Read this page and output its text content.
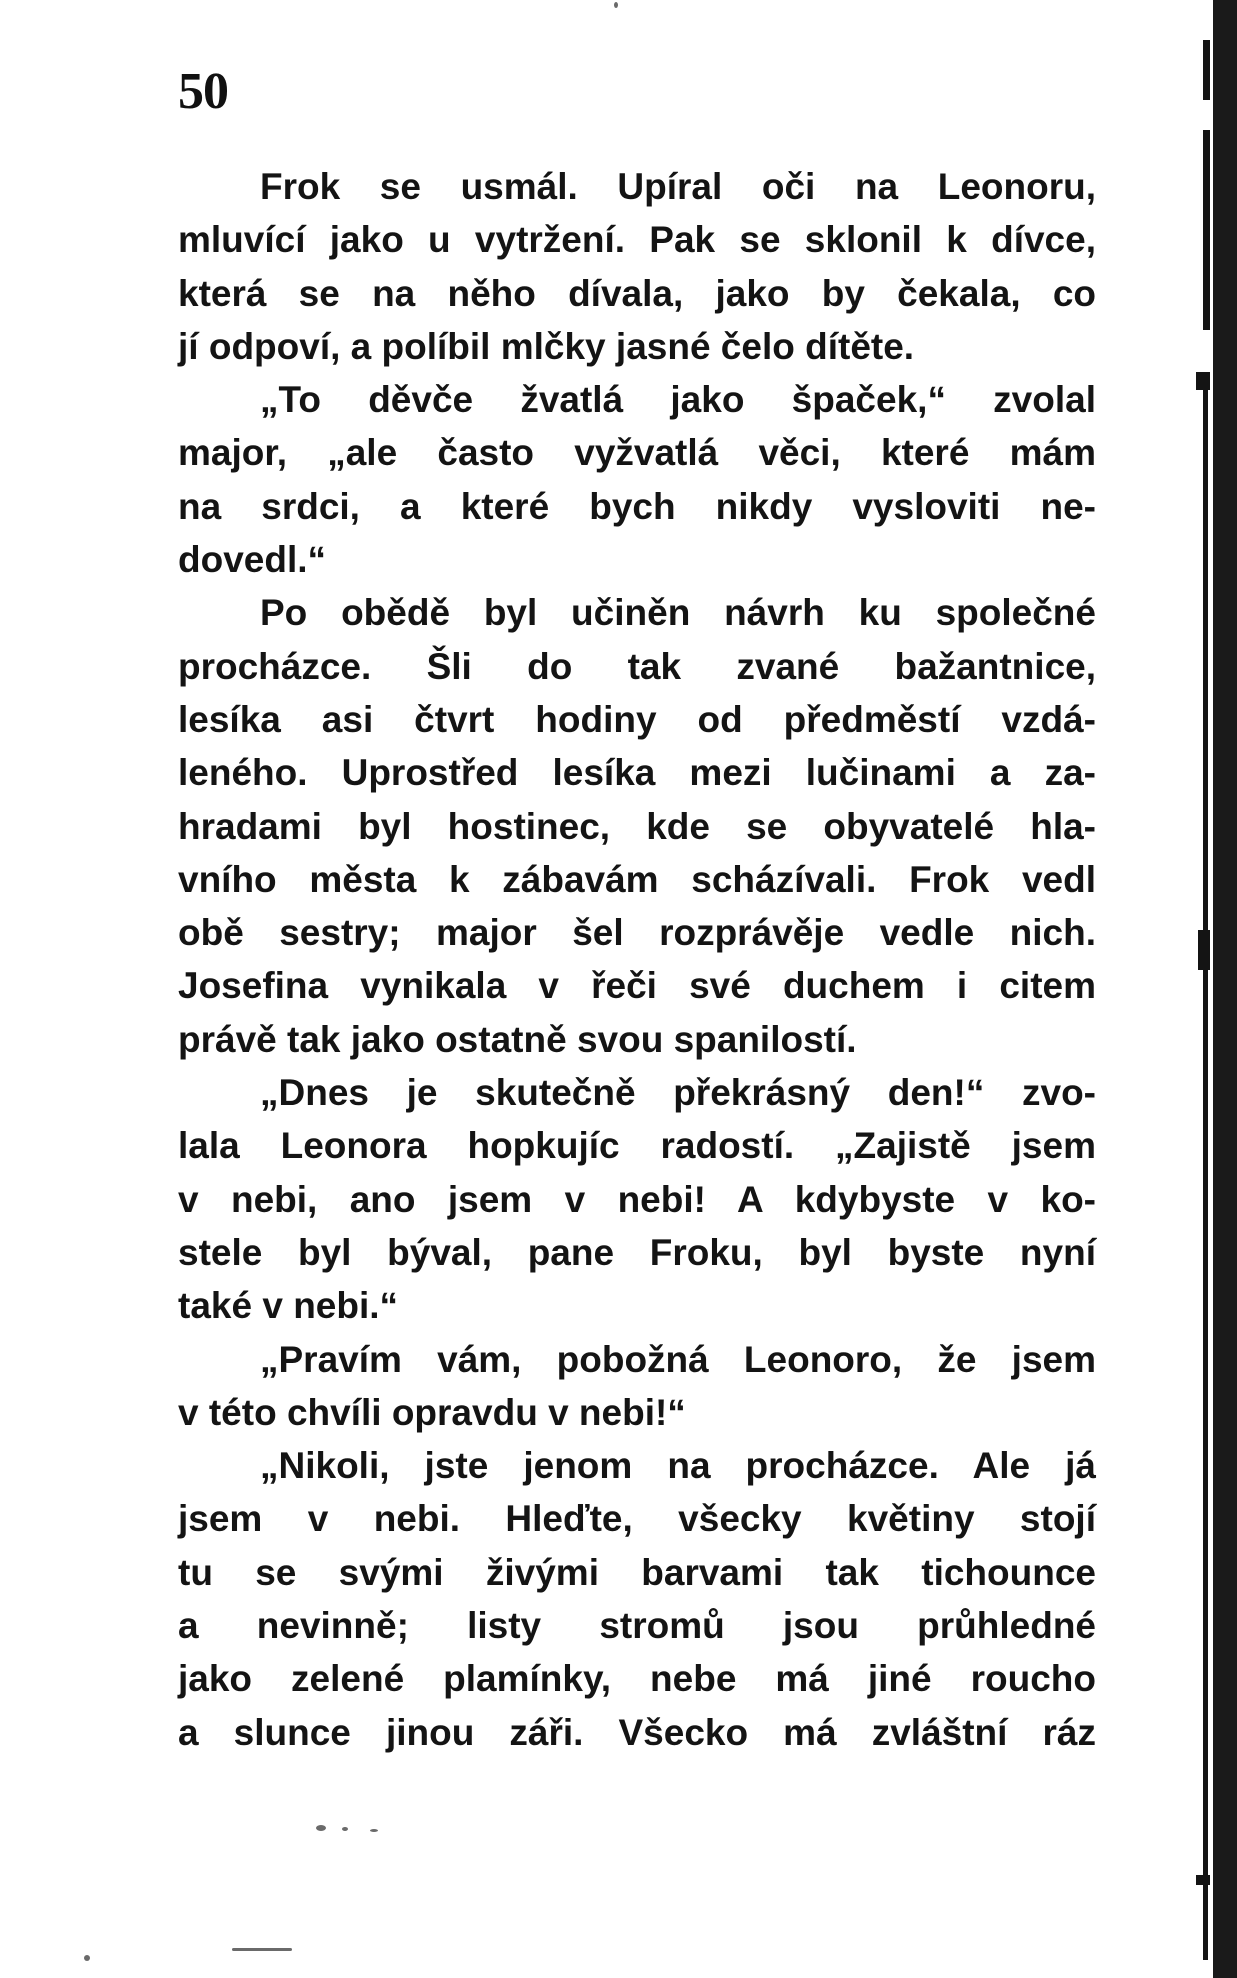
50
Frok se usmál. Upíral oči na Leonoru,
mluvící jako u vytržení. Pak se sklonil k dívce,
která se na něho dívala, jako by čekala, co
jí odpoví, a políbil mlčky jasné čelo dítěte.
„To děvče žvatlá jako špaček,“ zvolal
major, „ale často vyžvatlá věci, které mám
na srdci, a které bych nikdy vysloviti ne-
dovedl.“
Po obědě byl učiněn návrh ku společné
procházce. Šli do tak zvané bažantnice,
lesíka asi čtvrt hodiny od předměstí vzdá-
leného. Uprostřed lesíka mezi lučinami a za-
hradami byl hostinec, kde se obyvatelé hla-
vního města k zábavám scházívali. Frok vedl
obě sestry; major šel rozprávěje vedle nich.
Josefina vynikala v řeči své duchem i citem
právě tak jako ostatně svou spanilostí.
„Dnes je skutečně překrásný den!“ zvo-
lala Leonora hopkujíc radostí. „Zajistě jsem
v nebi, ano jsem v nebi! A kdybyste v ko-
stele byl býval, pane Froku, byl byste nyní
také v nebi.“
„Pravím vám, pobožná Leonoro, že jsem
v této chvíli opravdu v nebi!“
„Nikoli, jste jenom na procházce. Ale já
jsem v nebi. Hleďte, všecky květiny stojí
tu se svými živými barvami tak tichounce
a nevinně; listy stromů jsou průhledné
jako zelené plamínky, nebe má jiné roucho
a slunce jinou záři. Všecko má zvláštní ráz
